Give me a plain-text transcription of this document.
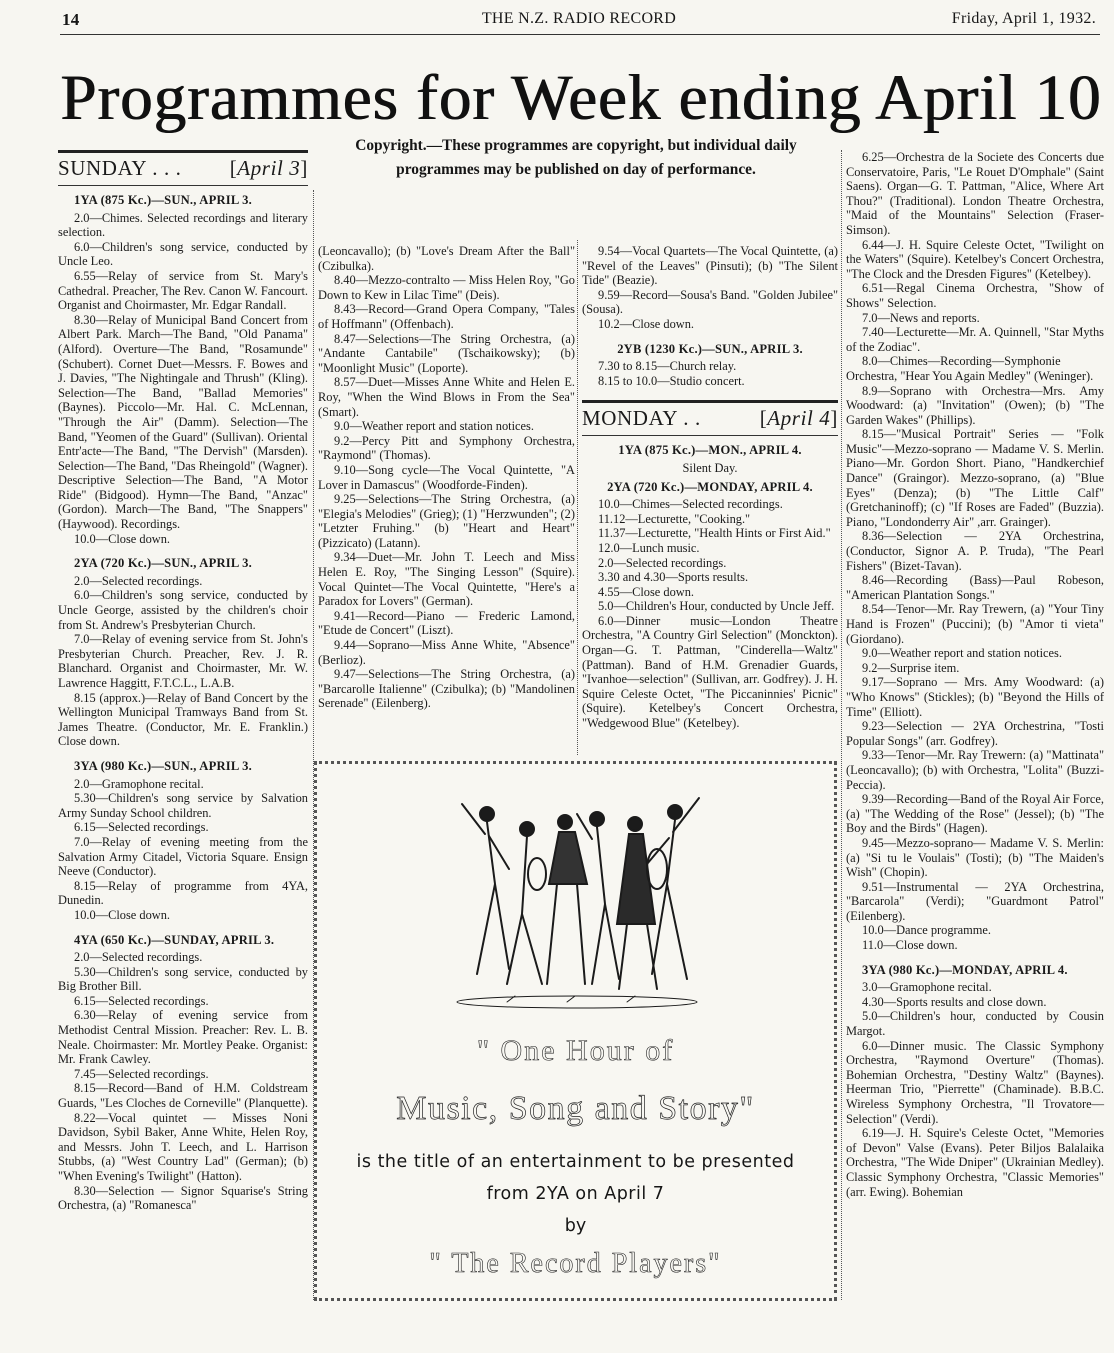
14	THE N.Z. RADIO RECORD	Friday, April 1, 1932.
Programmes for Week ending April 10
Copyright.—These programmes are copyright, but individual daily programmes may be published on day of performance.
SUNDAY . . .	[ April 3 ]

1YA (875 Kc.)—SUN., APRIL 3.

2.0—Chimes. Selected recordings and literary selection.

6.0—Children's song service, conducted by Uncle Leo.

6.55—Relay of service from St. Mary's Cathedral. Preacher, The Rev. Canon W. Fancourt. Organist and Choirmaster, Mr. Edgar Randall.

8.30—Relay of Municipal Band Concert from Albert Park. March—The Band, "Old Panama" (Alford). Overture—The Band, "Rosamunde" (Schubert). Cornet Duet—Messrs. F. Bowes and J. Davies, "The Nightingale and Thrush" (Kling). Selection—The Band, "Ballad Memories" (Baynes). Piccolo—Mr. Hal. C. McLennan, "Through the Air" (Damm). Selection—The Band, "Yeomen of the Guard" (Sullivan). Oriental Entr'acte—The Band, "The Dervish" (Marsden). Selection—The Band, "Das Rheingold" (Wagner). Descriptive Selection—The Band, "A Motor Ride" (Bidgood). Hymn—The Band, "Anzac" (Gordon). March—The Band, "The Snappers" (Haywood). Recordings.

10.0—Close down.

2YA (720 Kc.)—SUN., APRIL 3.

2.0—Selected recordings.

6.0—Children's song service, conducted by Uncle George, assisted by the children's choir from St. Andrew's Presbyterian Church.

7.0—Relay of evening service from St. John's Presbyterian Church. Preacher, Rev. J. R. Blanchard. Organist and Choirmaster, Mr. W. Lawrence Haggitt, F.T.C.L., L.A.B.

8.15 (approx.)—Relay of Band Concert by the Wellington Municipal Tramways Band from St. James Theatre. (Conductor, Mr. E. Franklin.) Close down.

3YA (980 Kc.)—SUN., APRIL 3.

2.0—Gramophone recital.

5.30—Children's song service by Salvation Army Sunday School children.

6.15—Selected recordings.

7.0—Relay of evening meeting from the Salvation Army Citadel, Victoria Square. Ensign Neeve (Conductor).

8.15—Relay of programme from 4YA, Dunedin.

10.0—Close down.

4YA (650 Kc.)—SUNDAY, APRIL 3.

2.0—Selected recordings.

5.30—Children's song service, conducted by Big Brother Bill.

6.15—Selected recordings.

6.30—Relay of evening service from Methodist Central Mission. Preacher: Rev. L. B. Neale. Choirmaster: Mr. Mortley Peake. Organist: Mr. Frank Cawley.

7.45—Selected recordings.

8.15—Record—Band of H.M. Coldstream Guards, "Les Cloches de Corneville" (Planquette).

8.22—Vocal quintet — Misses Noni Davidson, Sybil Baker, Anne White, Helen Roy, and Messrs. John T. Leech, and L. Harrison Stubbs, (a) "West Country Lad" (German); (b) "When Evening's Twilight" (Hatton).

8.30—Selection — Signor Squarise's String Orchestra, (a) "Romanesca"

(Leoncavallo); (b) "Love's Dream After the Ball" (Czibulka).

8.40—Mezzo-contralto — Miss Helen Roy, "Go Down to Kew in Lilac Time" (Deis).

8.43—Record—Grand Opera Company, "Tales of Hoffmann" (Offenbach).

8.47—Selections—The String Orchestra, (a) "Andante Cantabile" (Tschaikowsky); (b) "Moonlight Music" (Loporte).

8.57—Duet—Misses Anne White and Helen E. Roy, "When the Wind Blows in From the Sea" (Smart).

9.0—Weather report and station notices.

9.2—Percy Pitt and Symphony Orchestra, "Raymond" (Thomas).

9.10—Song cycle—The Vocal Quintette, "A Lover in Damascus" (Woodforde-Finden).

9.25—Selections—The String Orchestra, (a) "Elegia's Melodies" (Grieg); (1) "Herzwunden"; (2) "Letzter Fruhing." (b) "Heart and Heart" (Pizzicato) (Latann).

9.34—Duet—Mr. John T. Leech and Miss Helen E. Roy, "The Singing Lesson" (Squire). Vocal Quintet—The Vocal Quintette, "Here's a Paradox for Lovers" (German).

9.41—Record—Piano — Frederic Lamond, "Etude de Concert" (Liszt).

9.44—Soprano—Miss Anne White, "Absence" (Berlioz).

9.47—Selections—The String Orchestra, (a) "Barcarolle Italienne" (Czibulka); (b) "Mandolinen Serenade" (Eilenberg).

9.54—Vocal Quartets—The Vocal Quintette, (a) "Revel of the Leaves" (Pinsuti); (b) "The Silent Tide" (Beazie).

9.59—Record—Sousa's Band. "Golden Jubilee" (Sousa).

10.2—Close down.

2YB (1230 Kc.)—SUN., APRIL 3.

7.30 to 8.15—Church relay.

8.15 to 10.0—Studio concert.

MONDAY . .	[ April 4 ]

1YA (875 Kc.)—MON., APRIL 4.

Silent Day.

2YA (720 Kc.)—MONDAY, APRIL 4.

10.0—Chimes—Selected recordings.

11.12—Lecturette, "Cooking."

11.37—Lecturette, "Health Hints or First Aid."

12.0—Lunch music.

2.0—Selected recordings.

3.30 and 4.30—Sports results.

4.55—Close down.

5.0—Children's Hour, conducted by Uncle Jeff.

6.0—Dinner music—London Theatre Orchestra, "A Country Girl Selection" (Monckton). Organ—G. T. Pattman, "Cinderella—Waltz" (Pattman). Band of H.M. Grenadier Guards, "Ivanhoe—selection" (Sullivan, arr. Godfrey). J. H. Squire Celeste Octet, "The Piccaninnies' Picnic" (Squire). Ketelbey's Concert Orchestra, "Wedgewood Blue" (Ketelbey).

6.25—Orchestra de la Societe des Concerts due Conservatoire, Paris, "Le Rouet D'Omphale" (Saint Saens). Organ—G. T. Pattman, "Alice, Where Art Thou?" (Traditional). London Theatre Orchestra, "Maid of the Mountains" Selection (Fraser-Simson).

6.44—J. H. Squire Celeste Octet, "Twilight on the Waters" (Squire). Ketelbey's Concert Orchestra, "The Clock and the Dresden Figures" (Ketelbey).

6.51—Regal Cinema Orchestra, "Show of Shows" Selection.

7.0—News and reports.

7.40—Lecturette—Mr. A. Quinnell, "Star Myths of the Zodiac".

8.0—Chimes—Recording—Symphonie Orchestra, "Hear You Again Medley" (Weninger).

8.9—Soprano with Orchestra—Mrs. Amy Woodward: (a) "Invitation" (Owen); (b) "The Garden Wakes" (Phillips).

8.15—"Musical Portrait" Series — "Folk Music"—Mezzo-soprano — Madame V. S. Merlin. Piano—Mr. Gordon Short. Piano, "Handkerchief Dance" (Graingor). Mezzo-soprano, (a) "Blue Eyes" (Denza); (b) "The Little Calf" (Gretchaninoff); (c) "If Roses are Faded" (Buzzia). Piano, "Londonderry Air" ,arr. Grainger).

8.36—Selection — 2YA Orchestrina, (Conductor, Signor A. P. Truda), "The Pearl Fishers" (Bizet-Tavan).

8.46—Recording (Bass)—Paul Robeson, "American Plantation Songs."

8.54—Tenor—Mr. Ray Trewern, (a) "Your Tiny Hand is Frozen" (Puccini); (b) "Amor ti vieta" (Giordano).

9.0—Weather report and station notices.

9.2—Surprise item.

9.17—Soprano — Mrs. Amy Woodward: (a) "Who Knows" (Stickles); (b) "Beyond the Hills of Time" (Elliott).

9.23—Selection — 2YA Orchestrina, "Tosti Popular Songs" (arr. Godfrey).

9.33—Tenor—Mr. Ray Trewern: (a) "Mattinata" (Leoncavallo); (b) with Orchestra, "Lolita" (Buzzi-Peccia).

9.39—Recording—Band of the Royal Air Force, (a) "The Wedding of the Rose" (Jessel); (b) "The Boy and the Birds" (Hagen).

9.45—Mezzo-soprano— Madame V. S. Merlin: (a) "Si tu le Voulais" (Tosti); (b) "The Maiden's Wish" (Chopin).

9.51—Instrumental — 2YA Orchestrina, "Barcarola" (Verdi); "Guardmont Patrol" (Eilenberg).

10.0—Dance programme.

11.0—Close down.

3YA (980 Kc.)—MONDAY, APRIL 4.

3.0—Gramophone recital.

4.30—Sports results and close down.

5.0—Children's hour, conducted by Cousin Margot.

6.0—Dinner music. The Classic Symphony Orchestra, "Raymond Overture" (Thomas). Bohemian Orchestra, "Destiny Waltz" (Baynes). Heerman Trio, "Pierrette" (Chaminade). B.B.C. Wireless Symphony Orchestra, "Il Trovatore—Selection" (Verdi).

6.19—J. H. Squire's Celeste Octet, "Memories of Devon" Valse (Evans). Peter Biljos Balalaika Orchestra, "The Wide Dniper" (Ukrainian Medley). Classic Symphony Orchestra, "Classic Memories" (arr. Ewing). Bohemian

" One Hour of
Music, Song and Story"
is the title of an entertainment to be presented
from 2YA on April 7
by
" The Record Players"
